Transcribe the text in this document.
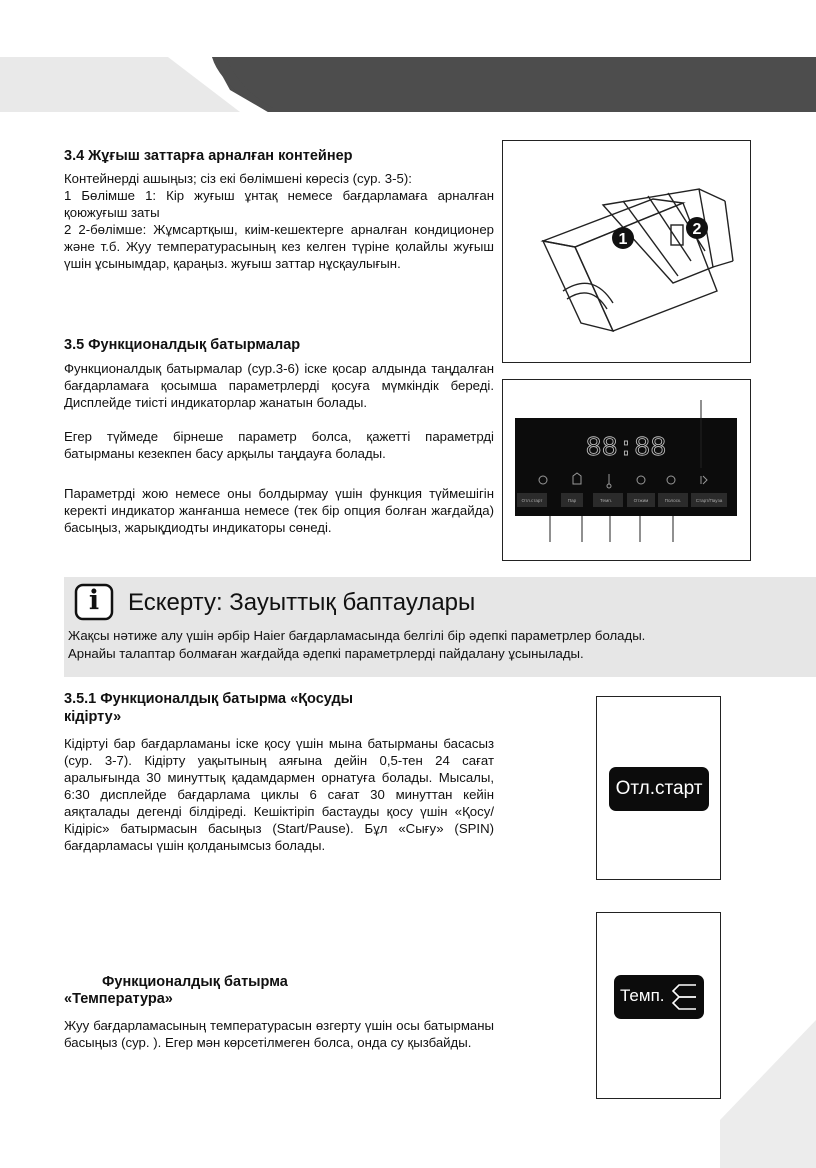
3.4 Жұғыш заттарға арналған контейнер
Контейнерді ашыңыз; сіз екі бөлімшені көресіз (сур. 3-5):
1 Бөлімше 1: Кір жуғыш ұнтақ немесе бағдарламаға арналған қоюжуғыш заты
2 2-бөлімше: Жұмсартқыш, киім-кешектерге арналған кондиционер және т.б. Жуу температурасының кез келген түріне қолайлы жуғыш үшін ұсынымдар, қараңыз. жуғыш заттар нұсқаулығын.
1
2
3.5 Функционалдық батырмалар
Функционалдық батырмалар (сур.3-6) іске қосар алдында таңдалған бағдарламаға қосымша параметрлерді қосуға мүмкіндік береді. Дисплейде тиісті индикаторлар жанатын болады.
Егер түймеде бірнеше параметр болса, қажетті параметрді батырманы кезекпен басу арқылы таңдауға болады.
Параметрді жою немесе оны болдырмау үшін функция түймешігін керекті индикатор жанғанша немесе (тек бір опция болған жағдайда) басыңыз, жарықдиодты индикаторы сөнеді.
88:88
Отл.старт	Пар	Темп.	Отжим	Полоск.	Старт/Пауза
i	Ескерту: Зауыттық баптаулары
Жақсы нәтиже алу үшін әрбір Haier бағдарламасында белгілі бір әдепкі параметрлер болады.
Арнайы талаптар болмаған жағдайда әдепкі параметрлерді пайдалану ұсынылады.
3.5.1 Функционалдық батырма «Қосуды
кідірту»
Кідіртуі бар бағдарламаны іске қосу үшін мына батырманы басасыз (сур. 3-7). Кідірту уақытының аяғына дейін 0,5-тен 24 сағат аралығында 30 минуттық қадамдармен орнатуға болады. Мысалы, 6:30 дисплейде бағдарлама циклы 6 сағат 30 минуттан кейін аяқталады дегенді білдіреді. Кешіктіріп бастауды қосу үшін «Қосу/ Кідіріс» батырмасын басыңыз (Start/Pause). Бұл «Сығу» (SPIN) бағдарламасы үшін қолданымсыз болады.
Отл.старт
Функционалдық батырма
«Температура»
Жуу бағдарламасының температурасын өзгерту үшін осы батырманы басыңыз (сур. ). Егер мән көрсетілмеген болса, онда су қызбайды.
Темп.
